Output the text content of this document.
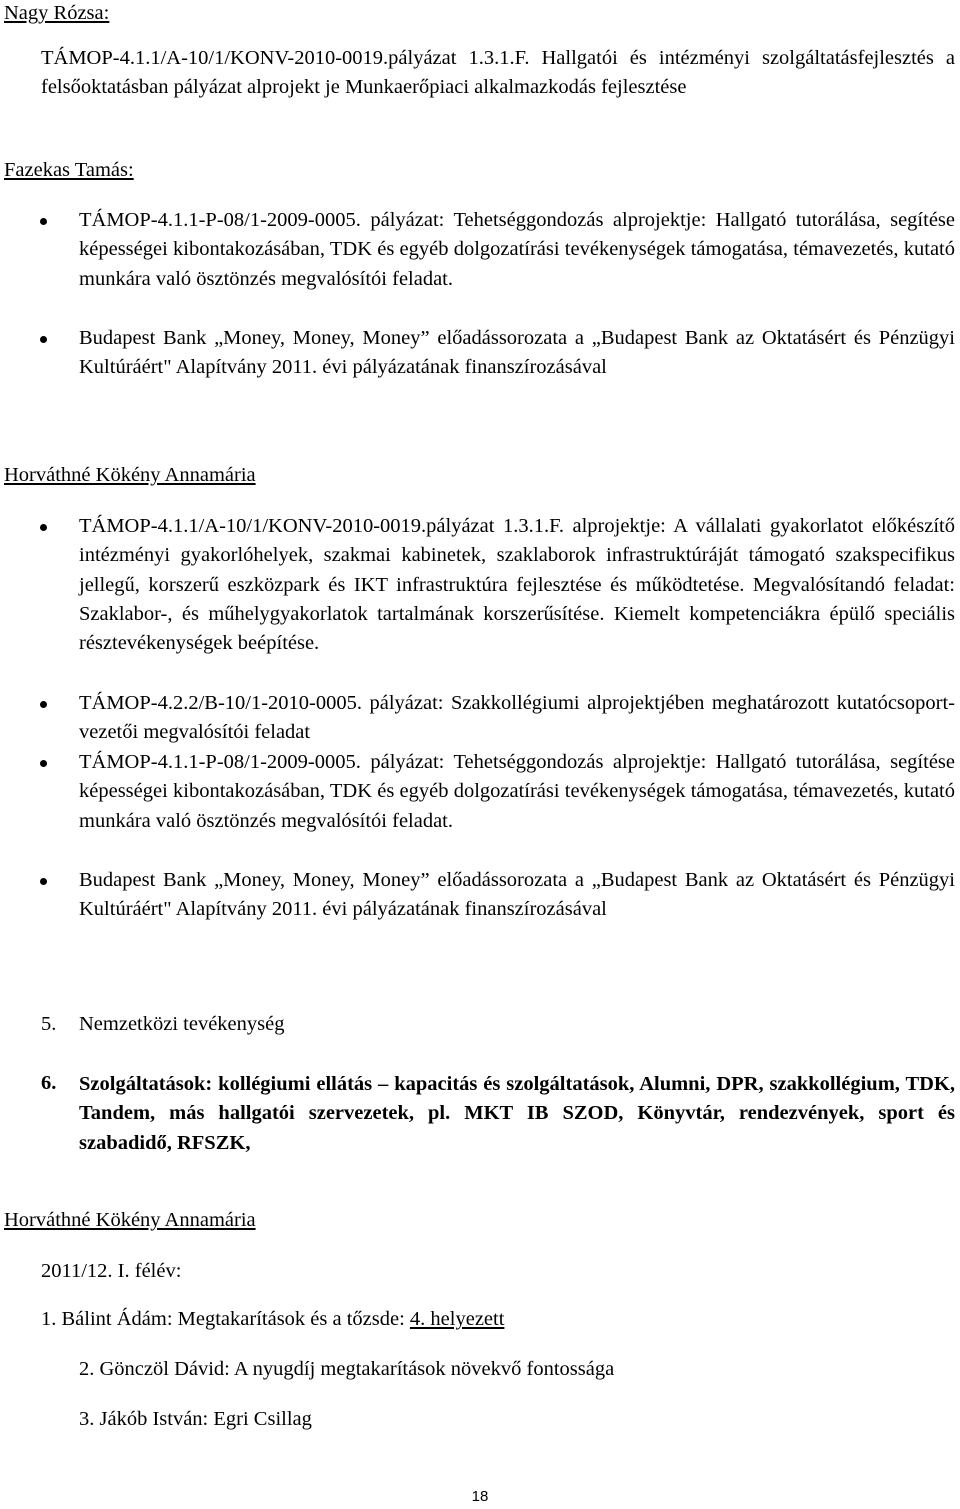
Nagy Rózsa:
TÁMOP-4.1.1/A-10/1/KONV-2010-0019.pályázat 1.3.1.F. Hallgatói és intézményi szolgáltatásfejlesztés a felsőoktatásban pályázat alprojekt je Munkaerőpiaci alkalmazkodás fejlesztése
Fazekas Tamás:
TÁMOP-4.1.1-P-08/1-2009-0005. pályázat: Tehetséggondozás alprojektje: Hallgató tutorálása, segítése képességei kibontakozásában, TDK és egyéb dolgozatírási tevékenységek támogatása, témavezetés, kutató munkára való ösztönzés megvalósítói feladat.
Budapest Bank „Money, Money, Money” előadássorozata a „Budapest Bank az Oktatásért és Pénzügyi Kultúráért" Alapítvány 2011. évi pályázatának finanszírozásával
Horváthné Kökény Annamária
TÁMOP-4.1.1/A-10/1/KONV-2010-0019.pályázat 1.3.1.F. alprojektje: A vállalati gyakorlatot előkészítő intézményi gyakorlóhelyek, szakmai kabinetek, szaklaborok infrastruktúráját támogató szakspecifikus jellegű, korszerű eszközpark és IKT infrastruktúra fejlesztése és működtetése. Megvalósítandó feladat: Szaklabor-, és műhelygyakorlatok tartalmának korszerűsítése. Kiemelt kompetenciákra épülő speciális résztevékenységek beépítése.
TÁMOP-4.2.2/B-10/1-2010-0005. pályázat: Szakkollégiumi alprojektjében meghatározott kutatócsoport-vezetői megvalósítói feladat
TÁMOP-4.1.1-P-08/1-2009-0005. pályázat: Tehetséggondozás alprojektje: Hallgató tutorálása, segítése képességei kibontakozásában, TDK és egyéb dolgozatírási tevékenységek támogatása, témavezetés, kutató munkára való ösztönzés megvalósítói feladat.
Budapest Bank „Money, Money, Money” előadássorozata a „Budapest Bank az Oktatásért és Pénzügyi Kultúráért" Alapítvány 2011. évi pályázatának finanszírozásával
5. Nemzetközi tevékenység
6. Szolgáltatások: kollégiumi ellátás – kapacitás és szolgáltatások, Alumni, DPR, szakkollégium, TDK, Tandem, más hallgatói szervezetek, pl. MKT IB SZOD, Könyvtár, rendezvények, sport és szabadidő, RFSZK,
Horváthné Kökény Annamária
2011/12. I. félév:
1. Bálint Ádám: Megtakarítások és a tőzsde: 4. helyezett
2. Gönczöl Dávid: A nyugdíj megtakarítások növekvő fontossága
3. Jákób István: Egri Csillag
18
